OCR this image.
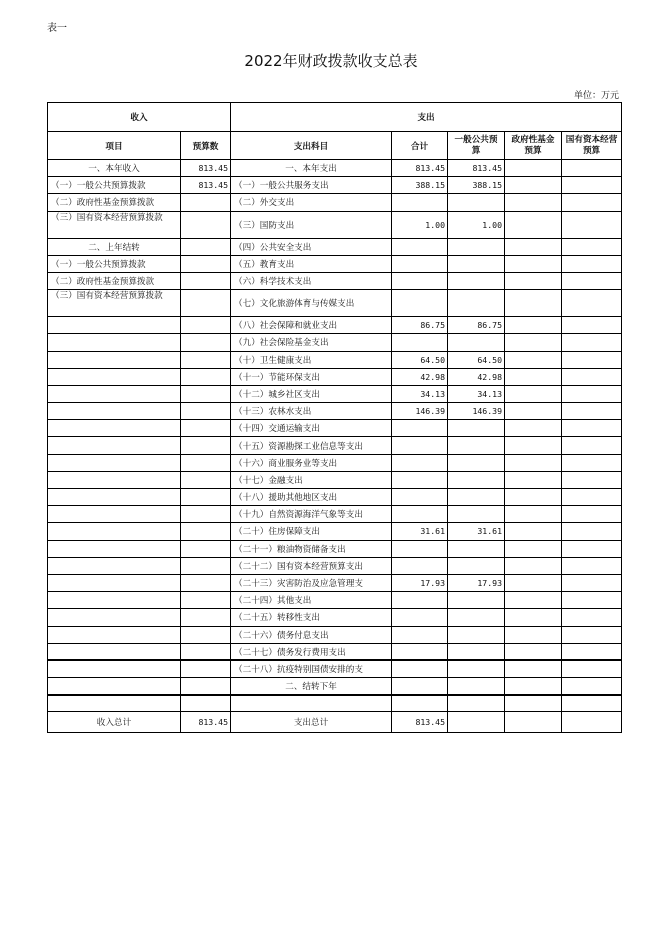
表一
2022年财政拨款收支总表
单位：万元
收入		支出				
项目	预算数	支出科目	合计	一般公共预算	政府性基金预算	国有资本经营预算
一、本年收入	813.45	一、本年支出	813.45	813.45		
（一）一般公共预算拨款	813.45	（一）一般公共服务支出	388.15	388.15		
（二）政府性基金预算拨款		（二）外交支出				
（三）国有资本经营预算拨款		（三）国防支出	1.00	1.00		
二、上年结转		（四）公共安全支出				
（一）一般公共预算拨款		（五）教育支出				
（二）政府性基金预算拨款		（六）科学技术支出				
（三）国有资本经营预算拨款		（七）文化旅游体育与传媒支出				
		（八）社会保障和就业支出	86.75	86.75		
		（九）社会保险基金支出				
		（十）卫生健康支出	64.50	64.50		
		（十一）节能环保支出	42.98	42.98		
		（十二）城乡社区支出	34.13	34.13		
		（十三）农林水支出	146.39	146.39		
		（十四）交通运输支出				
		（十五）资源勘探工业信息等支出				
		（十六）商业服务业等支出				
		（十七）金融支出				
		（十八）援助其他地区支出				
		（十九）自然资源海洋气象等支出				
		（二十）住房保障支出	31.61	31.61		
		（二十一）粮油物资储备支出				
		（二十二）国有资本经营预算支出				
		（二十三）灾害防治及应急管理支	17.93	17.93		
		（二十四）其他支出				
		（二十五）转移性支出				
		（二十六）债务付息支出				
		（二十七）债务发行费用支出				
		（二十八）抗疫特别国债安排的支				
		二、结转下年				

收入总计	813.45	支出总计	813.45			
